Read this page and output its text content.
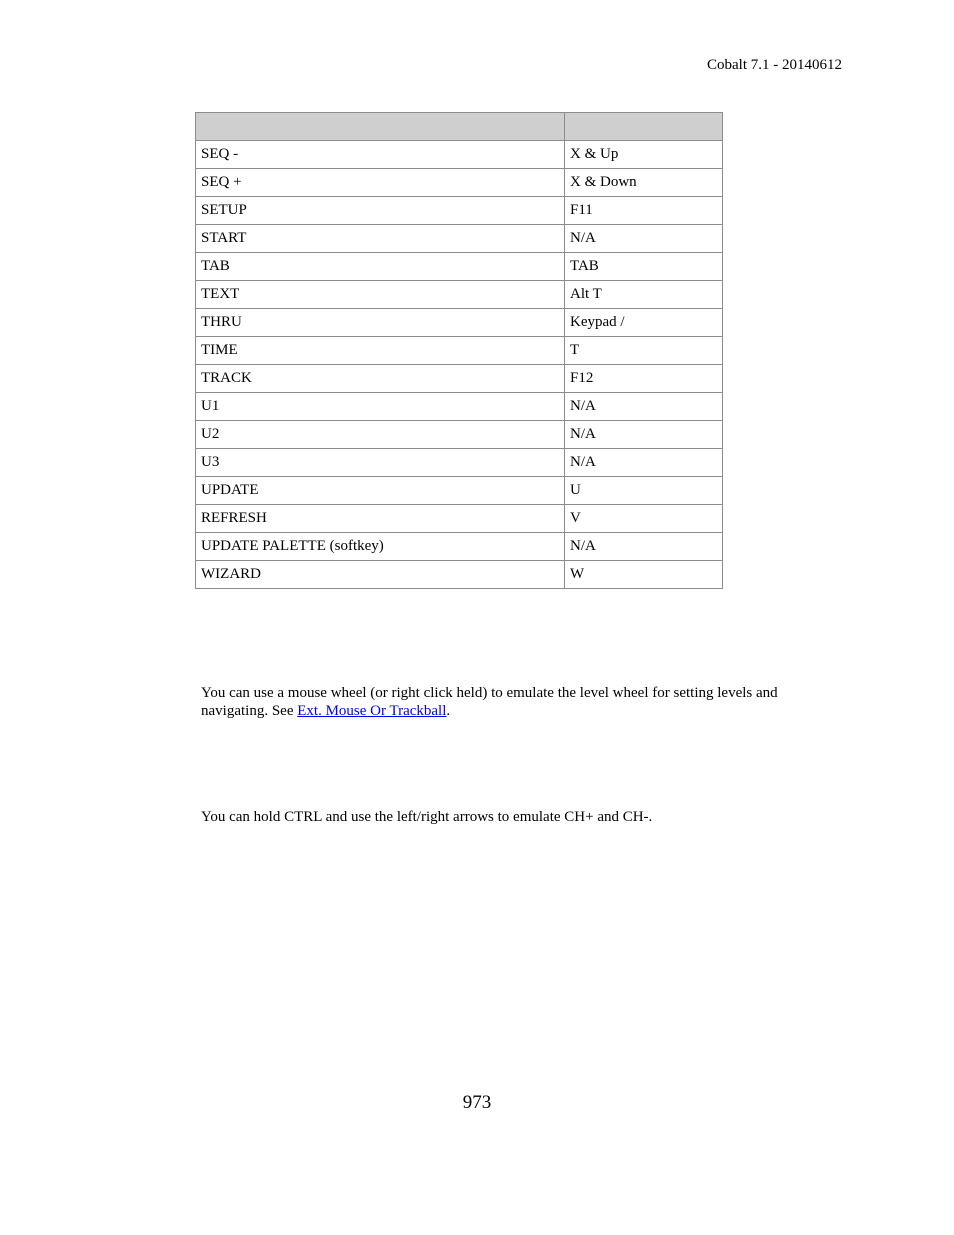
Cobalt 7.1 - 20140612

SEQ -	X & Up
SEQ +	X & Down
SETUP	F11
START	N/A
TAB	TAB
TEXT	Alt T
THRU	Keypad /
TIME	T
TRACK	F12
U1	N/A
U2	N/A
U3	N/A
UPDATE	U
REFRESH	V
UPDATE PALETTE (softkey)	N/A
WIZARD	W

You can use a mouse wheel (or right click held) to emulate the level wheel for setting levels and navigating. See Ext. Mouse Or Trackball.

You can hold CTRL and use the left/right arrows to emulate CH+ and CH-.

973
